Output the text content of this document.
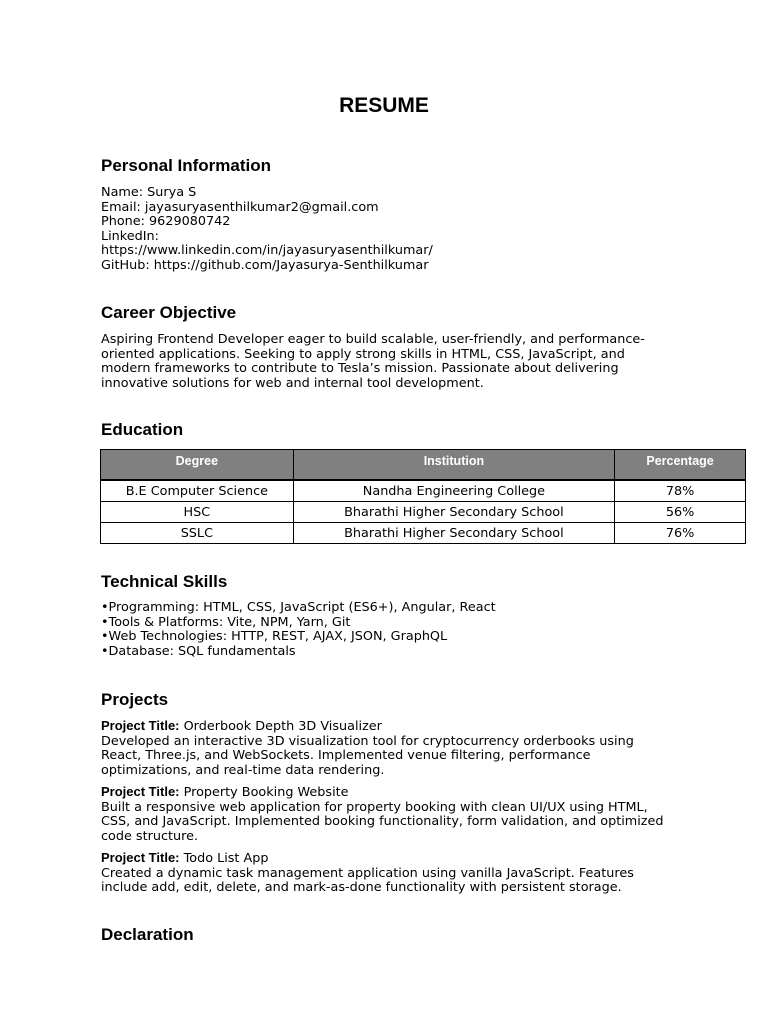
RESUME
Personal Information
Name: Surya S
Email: jayasuryasenthilkumar2@gmail.com
Phone: 9629080742
LinkedIn:
https://www.linkedin.com/in/jayasuryasenthilkumar/
GitHub: https://github.com/Jayasurya-Senthilkumar
Career Objective
Aspiring Frontend Developer eager to build scalable, user-friendly, and performance-oriented applications. Seeking to apply strong skills in HTML, CSS, JavaScript, and modern frameworks to contribute to Tesla’s mission. Passionate about delivering innovative solutions for web and internal tool development.
Education
Degree	Institution	Percentage

B.E Computer Science	Nandha Engineering College	78%
HSC	Bharathi Higher Secondary School	56%
SSLC	Bharathi Higher Secondary School	76%
Technical Skills
•Programming: HTML, CSS, JavaScript (ES6+), Angular, React
•Tools & Platforms: Vite, NPM, Yarn, Git
•Web Technologies: HTTP, REST, AJAX, JSON, GraphQL
•Database: SQL fundamentals
Projects
Project Title: Orderbook Depth 3D Visualizer
Developed an interactive 3D visualization tool for cryptocurrency orderbooks using
React, Three.js, and WebSockets. Implemented venue filtering, performance
optimizations, and real-time data rendering.
Project Title: Property Booking Website
Built a responsive web application for property booking with clean UI/UX using HTML,
CSS, and JavaScript. Implemented booking functionality, form validation, and optimized
code structure.
Project Title: Todo List App
Created a dynamic task management application using vanilla JavaScript. Features
include add, edit, delete, and mark-as-done functionality with persistent storage.
Declaration
